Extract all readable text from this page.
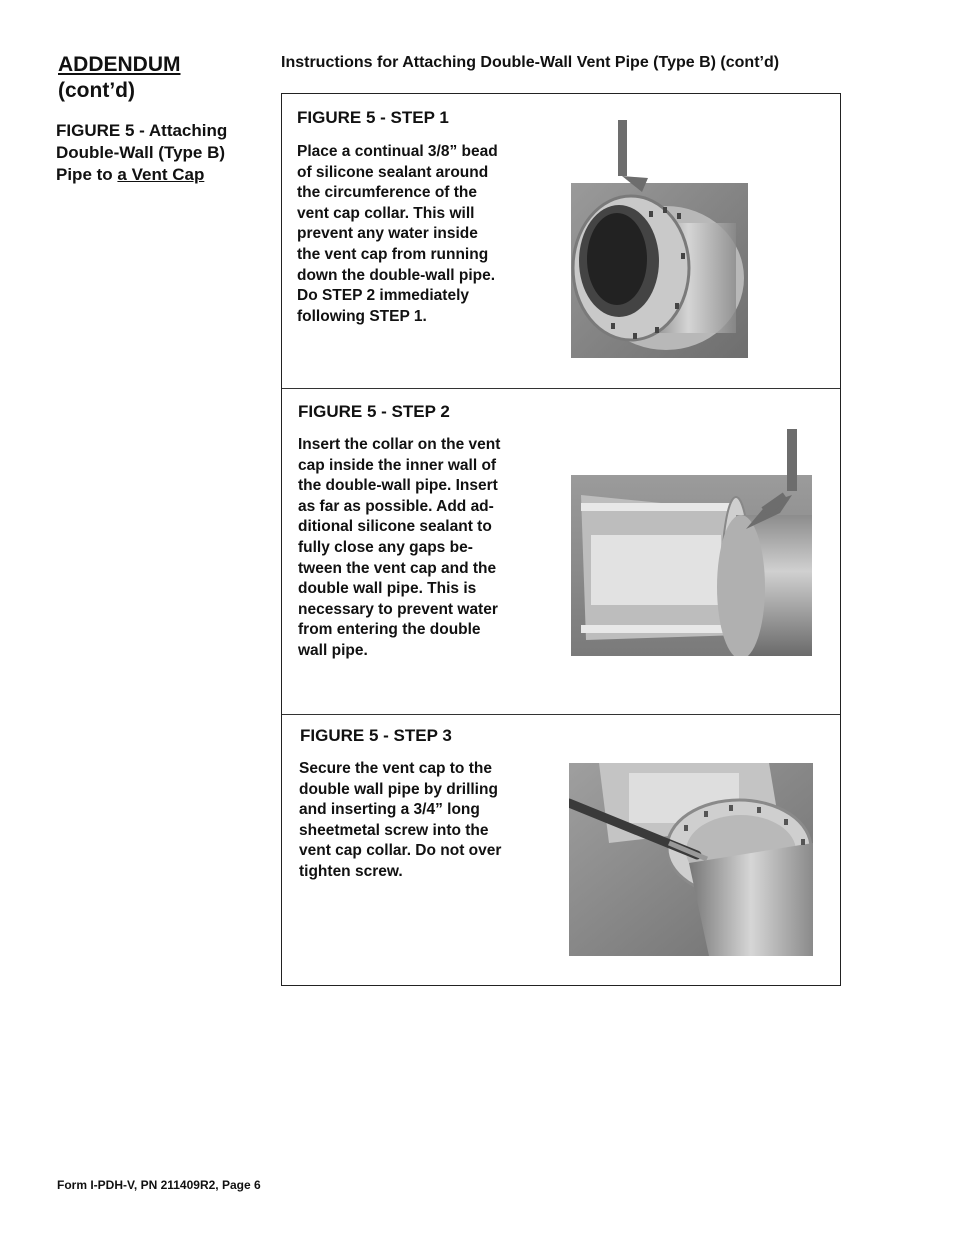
ADDENDUM
(cont’d)

FIGURE 5 - Attaching
Double-Wall (Type B)
Pipe to a Vent Cap

Instructions for Attaching Double-Wall Vent Pipe (Type B) (cont’d)

FIGURE 5 - STEP 1

Place a continual 3/8” bead
of silicone sealant around
the circumference of the
vent cap collar. This will
prevent any water inside
the vent cap from running
down the double-wall pipe.
Do STEP 2 immediately
following STEP 1.

FIGURE 5 - STEP 2

Insert the collar on the vent
cap inside the inner wall of
the double-wall pipe. Insert
as far as possible. Add ad-
ditional silicone sealant to
fully close any gaps be-
tween the vent cap and the
double wall pipe. This is
necessary to prevent water
from entering the double
wall pipe.

FIGURE 5 - STEP 3

Secure the vent cap to the
double wall pipe by drilling
and inserting a 3/4” long
sheetmetal screw into the
vent cap collar. Do not over
tighten screw.

Form I-PDH-V, PN 211409R2, Page 6
